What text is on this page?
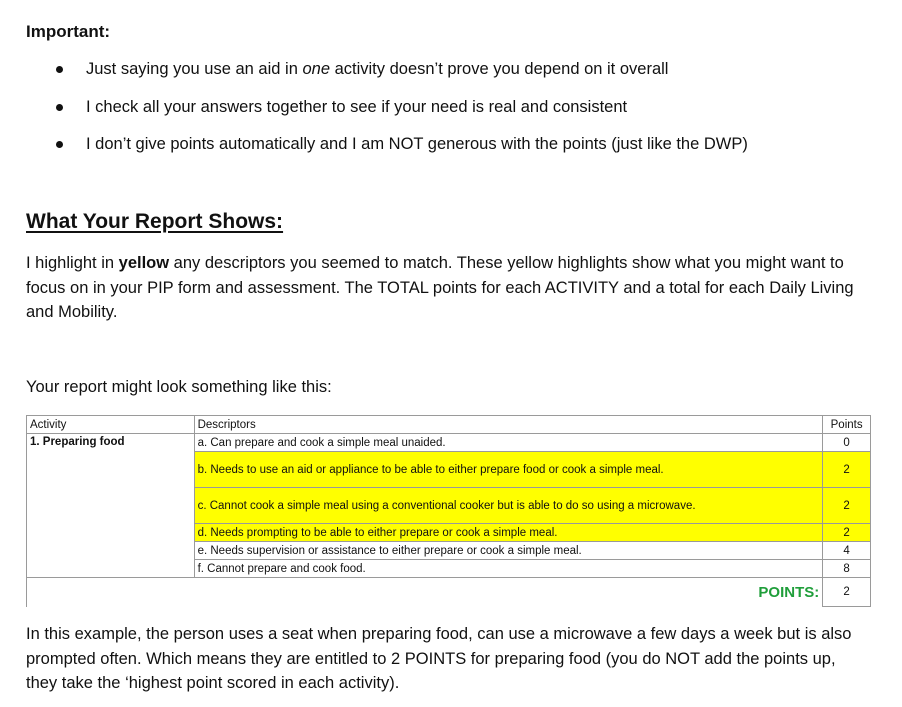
Important:
Just saying you use an aid in one activity doesn’t prove you depend on it overall
I check all your answers together to see if your need is real and consistent
I don’t give points automatically and I am NOT generous with the points (just like the DWP)
What Your Report Shows:
I highlight in yellow any descriptors you seemed to match. These yellow highlights show what you might want to focus on in your PIP form and assessment. The TOTAL points for each ACTIVITY and a total for each Daily Living and Mobility.
Your report might look something like this:
Activity	Descriptors	Points
1. Preparing food	a. Can prepare and cook a simple meal unaided.	0
	b. Needs to use an aid or appliance to be able to either prepare food or cook a simple meal.	2
	c. Cannot cook a simple meal using a conventional cooker but is able to do so using a microwave.	2
	d. Needs prompting to be able to either prepare or cook a simple meal.	2
	e. Needs supervision or assistance to either prepare or cook a simple meal.	4
	f. Cannot prepare and cook food.	8
POINTS:		2
In this example, the person uses a seat when preparing food, can use a microwave a few days a week but is also prompted often. Which means they are entitled to 2 POINTS for preparing food (you do NOT add the points up, they take the ‘highest point scored in each activity).
